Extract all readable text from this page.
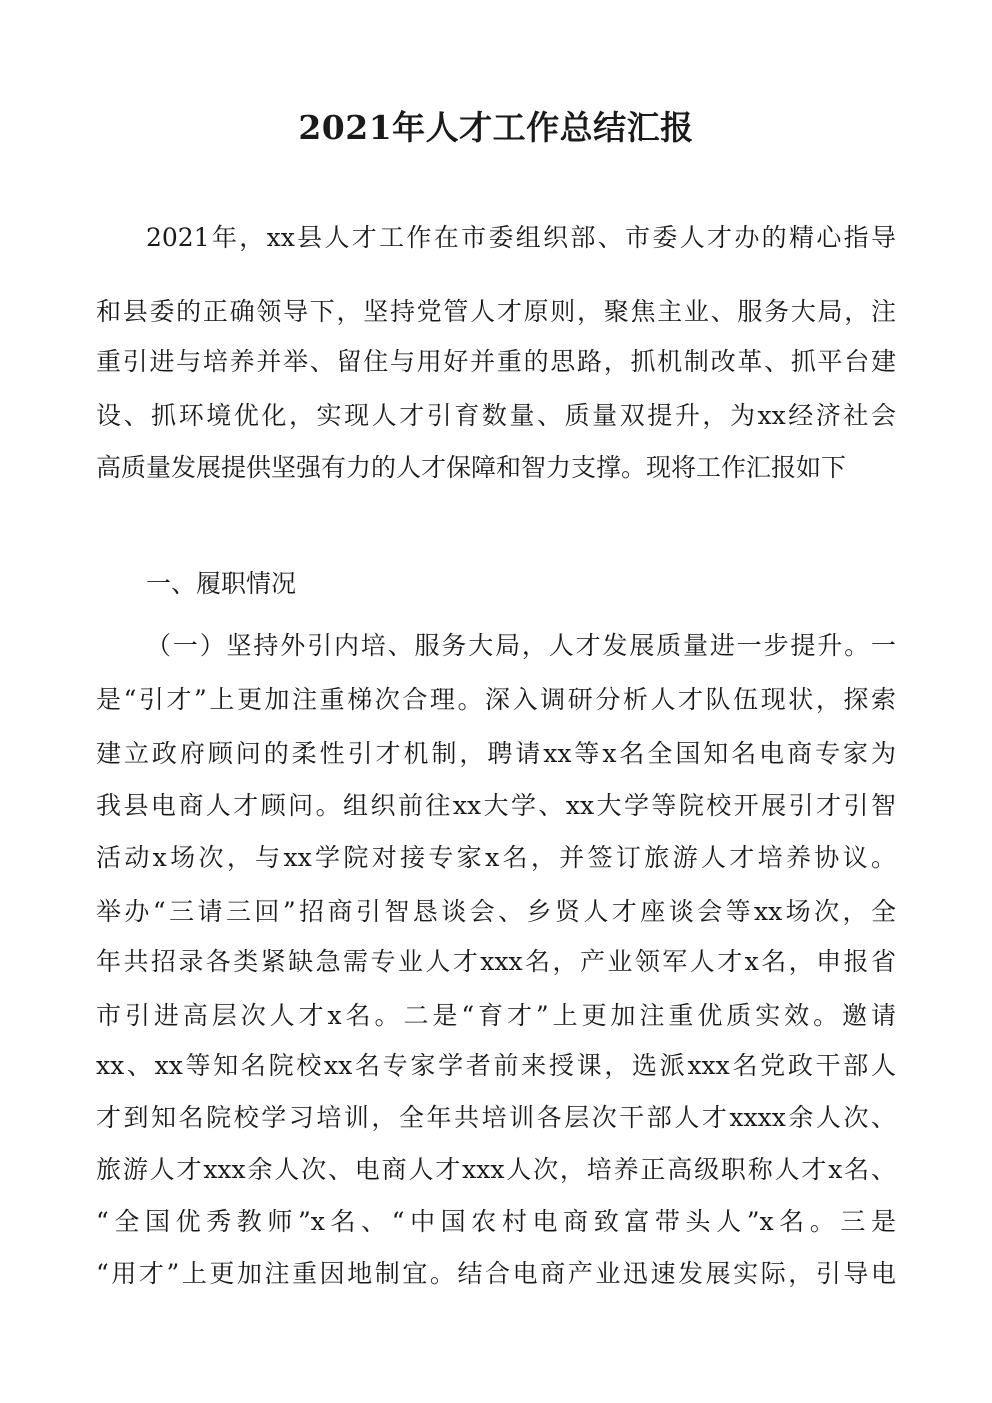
2021年人才工作总结汇报
2021年，xx县人才工作在市委组织部、市委人才办的精心指导
和县委的正确领导下，坚持党管人才原则，聚焦主业、服务大局，注
重引进与培养并举、留住与用好并重的思路，抓机制改革、抓平台建
设、抓环境优化，实现人才引育数量、质量双提升，为xx经济社会
高质量发展提供坚强有力的人才保障和智力支撑。现将工作汇报如下
一、履职情况
（一）坚持外引内培、服务大局，人才发展质量进一步提升。一
是“引才”上更加注重梯次合理。深入调研分析人才队伍现状，探索
建立政府顾问的柔性引才机制，聘请xx等x名全国知名电商专家为
我县电商人才顾问。组织前往xx大学、xx大学等院校开展引才引智
活动x场次，与xx学院对接专家x名，并签订旅游人才培养协议。
举办“三请三回”招商引智恳谈会、乡贤人才座谈会等xx场次，全
年共招录各类紧缺急需专业人才xxx名，产业领军人才x名，申报省
市引进高层次人才x名。二是“育才”上更加注重优质实效。邀请
xx、xx等知名院校xx名专家学者前来授课，选派xxx名党政干部人
才到知名院校学习培训，全年共培训各层次干部人才xxxx余人次、
旅游人才xxx余人次、电商人才xxx人次，培养正高级职称人才x名、
“全国优秀教师”x名、“中国农村电商致富带头人”x名。三是
“用才”上更加注重因地制宜。结合电商产业迅速发展实际，引导电
